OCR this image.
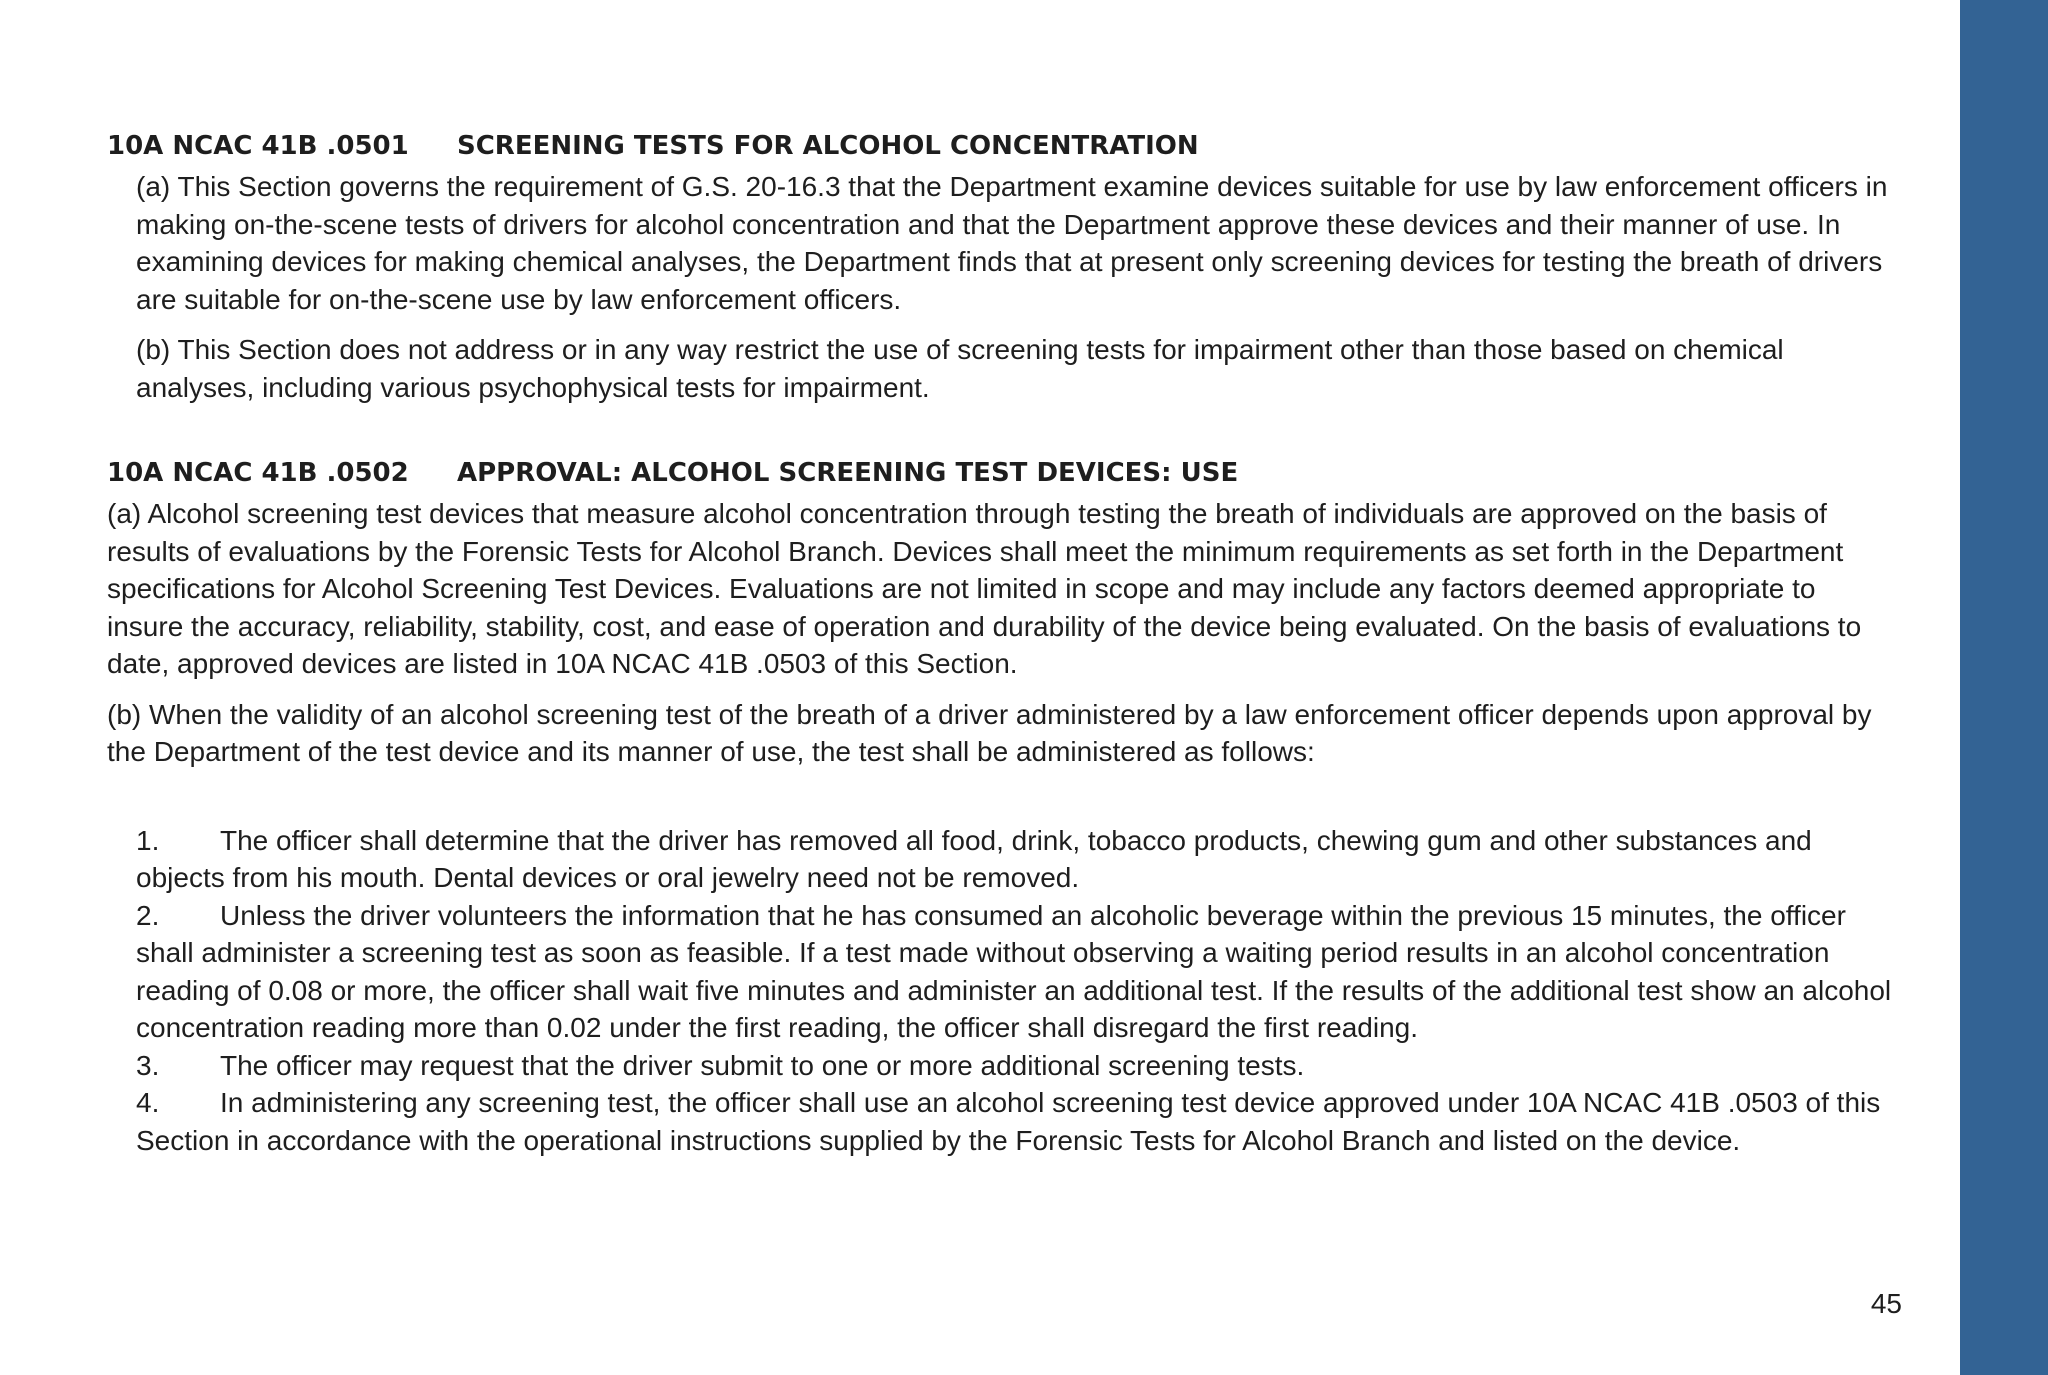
10A NCAC 41B .0501	SCREENING TESTS FOR ALCOHOL CONCENTRATION

(a) This Section governs the requirement of G.S. 20-16.3 that the Department examine devices suitable for use by law enforcement officers in making on-the-scene tests of drivers for alcohol concentration and that the Department approve these devices and their manner of use. In examining devices for making chemical analyses, the Department finds that at present only screening devices for testing the breath of drivers are suitable for on-the-scene use by law enforcement officers.

(b) This Section does not address or in any way restrict the use of screening tests for impairment other than those based on chemical analyses, including various psychophysical tests for impairment.

10A NCAC 41B .0502	APPROVAL: ALCOHOL SCREENING TEST DEVICES: USE

(a) Alcohol screening test devices that measure alcohol concentration through testing the breath of individuals are approved on the basis of results of evaluations by the Forensic Tests for Alcohol Branch. Devices shall meet the minimum requirements as set forth in the Department specifications for Alcohol Screening Test Devices. Evaluations are not limited in scope and may include any factors deemed appropriate to insure the accuracy, reliability, stability, cost, and ease of operation and durability of the device being evaluated. On the basis of evaluations to date, approved devices are listed in 10A NCAC 41B .0503 of this Section.

(b) When the validity of an alcohol screening test of the breath of a driver administered by a law enforcement officer depends upon approval by the Department of the test device and its manner of use, the test shall be administered as follows:

1. The officer shall determine that the driver has removed all food, drink, tobacco products, chewing gum and other substances and objects from his mouth. Dental devices or oral jewelry need not be removed.

2. Unless the driver volunteers the information that he has consumed an alcoholic beverage within the previous 15 minutes, the officer shall administer a screening test as soon as feasible. If a test made without observing a waiting period results in an alcohol concentration reading of 0.08 or more, the officer shall wait five minutes and administer an additional test. If the results of the additional test show an alcohol concentration reading more than 0.02 under the first reading, the officer shall disregard the first reading.

3. The officer may request that the driver submit to one or more additional screening tests.

4. In administering any screening test, the officer shall use an alcohol screening test device approved under 10A NCAC 41B .0503 of this Section in accordance with the operational instructions supplied by the Forensic Tests for Alcohol Branch and listed on the device.

45
